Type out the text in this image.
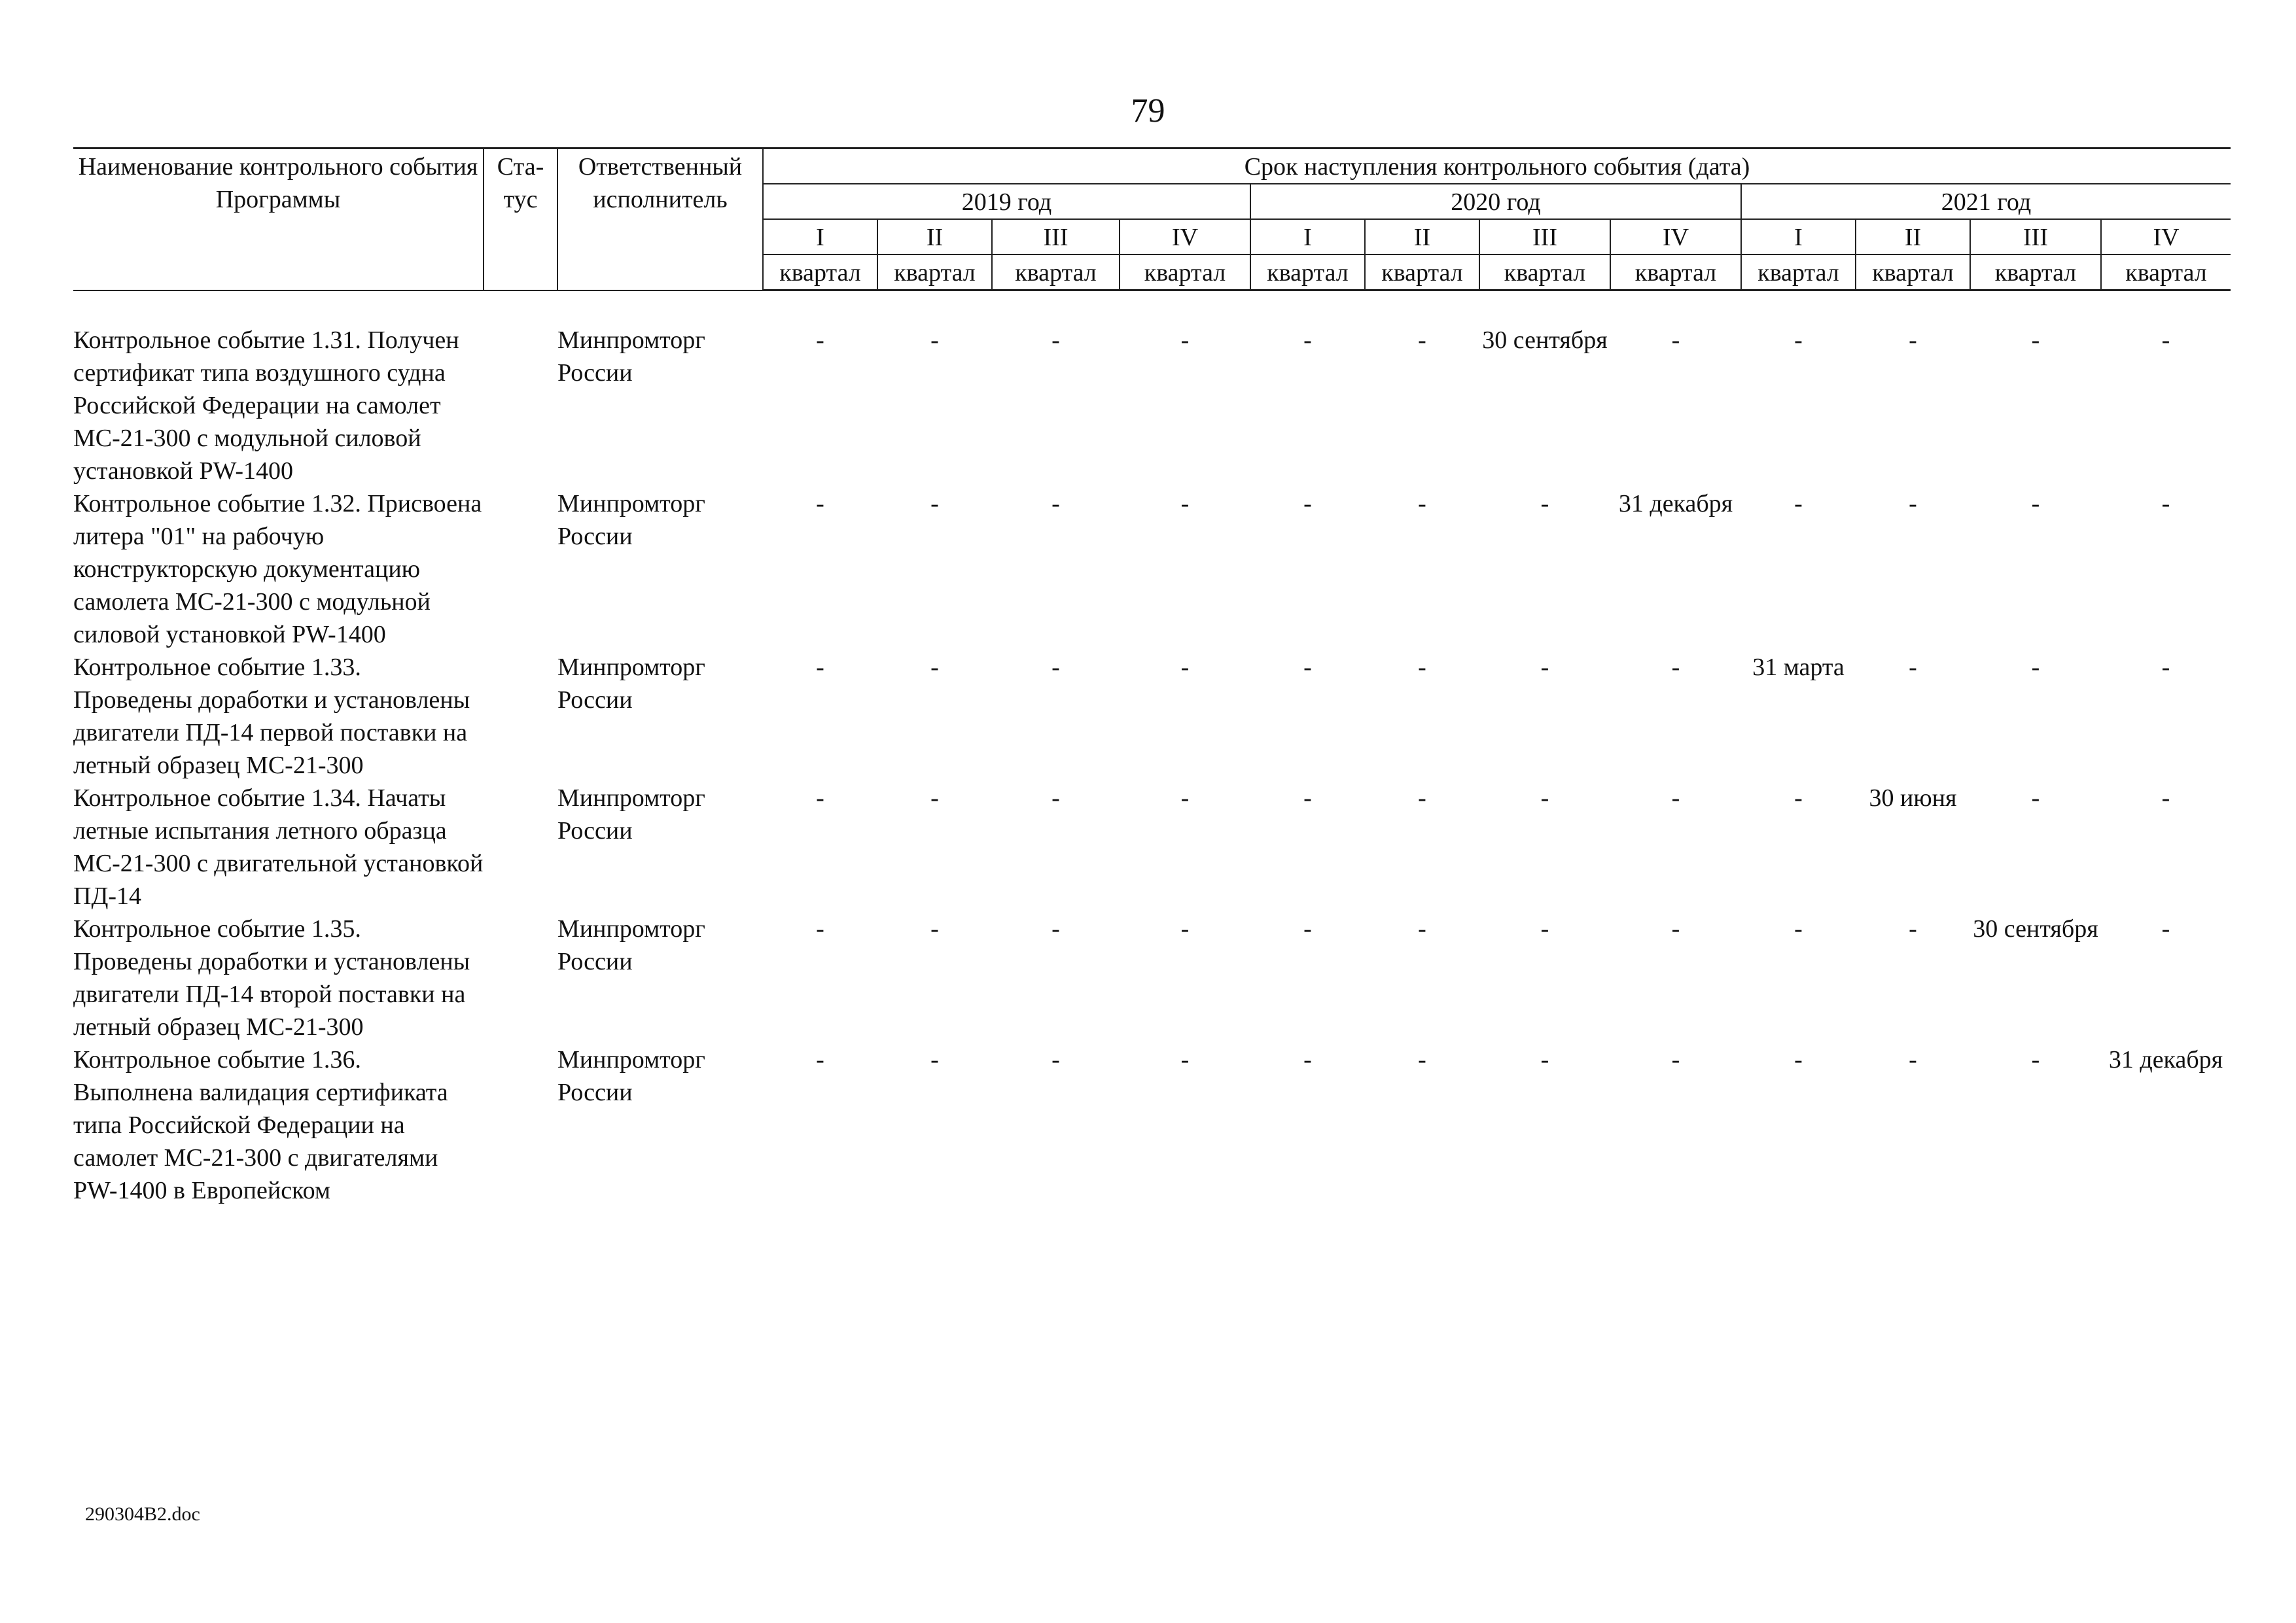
79
Наименование контрольного события Программы	Ста-тус	Ответственный исполнитель	Срок наступления контрольного события (дата)											
			2019 год				2020 год				2021 год			
			I	II	III	IV	I	II	III	IV	I	II	III	IV
			квартал	квартал	квартал	квартал	квартал	квартал	квартал	квартал	квартал	квартал	квартал	квартал

Контрольное событие 1.31. Получен сертификат типа воздушного судна Российской Федерации на самолет МС-21-300 с модульной силовой установкой PW-1400		Минпромторг России	-	-	-	-	-	-	30 сентября	-	-	-	-	-
Контрольное событие 1.32. Присвоена литера "01" на рабочую конструкторскую документацию самолета МС-21-300 с модульной силовой установкой PW-1400		Минпромторг России	-	-	-	-	-	-	-	31 декабря	-	-	-	-
Контрольное событие 1.33. Проведены доработки и установлены двигатели ПД-14 первой поставки на летный образец МС-21-300		Минпромторг России	-	-	-	-	-	-	-	-	31 марта	-	-	-
Контрольное событие 1.34. Начаты летные испытания летного образца МС-21-300 с двигательной установкой ПД-14		Минпромторг России	-	-	-	-	-	-	-	-	-	30 июня	-	-
Контрольное событие 1.35. Проведены доработки и установлены двигатели ПД-14 второй поставки на летный образец МС-21-300		Минпромторг России	-	-	-	-	-	-	-	-	-	-	30 сентября	-
Контрольное событие 1.36. Выполнена валидация сертификата типа Российской Федерации на самолет МС-21-300 с двигателями PW-1400 в Европейском		Минпромторг России	-	-	-	-	-	-	-	-	-	-	-	31 декабря
290304B2.doc
